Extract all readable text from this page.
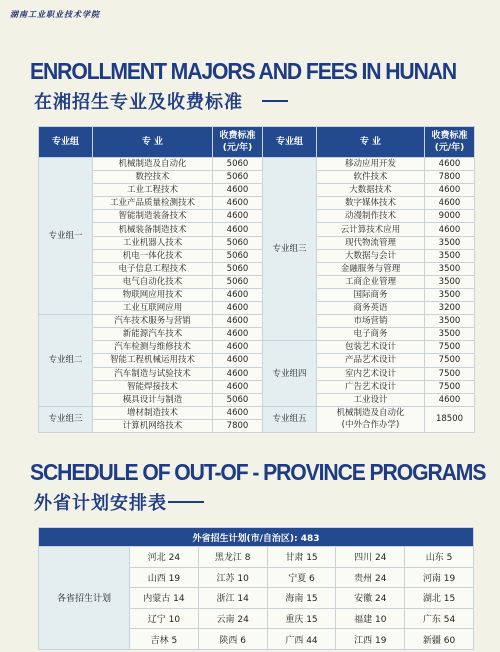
湖南工业职业技术学院
ENROLLMENT MAJORS AND FEES IN HUNAN
在湘招生专业及收费标准
专业组	专 业	收费标准
(元/年)	专业组	专 业	收费标准
(元/年)
专业组一	机械制造及自动化	5060	专业组三	移动应用开发	4600
	数控技术	5060		软件技术	7800
	工业工程技术	4600		大数据技术	4600
	工业产品质量检测技术	4600		数字媒体技术	4600
	智能制造装备技术	4600		动漫制作技术	9000
	机械装备制造技术	4600		云计算技术应用	4600
	工业机器人技术	5060		现代物流管理	3500
	机电一体化技术	5060		大数据与会计	3500
	电子信息工程技术	5060		金融服务与管理	3500
	电气自动化技术	5060		工商企业管理	3500
	物联网应用技术	4600		国际商务	3500
	工业互联网应用	4600		商务英语	3200
专业组二	汽车技术服务与营销	4600		市场营销	3500
	新能源汽车技术	4600		电子商务	3500
	汽车检测与维修技术	4600	专业组四	包装艺术设计	7500
	智能工程机械运用技术	4600		产品艺术设计	7500
	汽车制造与试验技术	4600		室内艺术设计	7500
	智能焊接技术	4600		广告艺术设计	7500
	模具设计与制造	5060		工业设计	4600
专业组三	增材制造技术	4600	专业组五	机械制造及自动化
(中外合作办学)	18500
	计算机网络技术	7800			
SCHEDULE OF OUT-OF - PROVINCE PROGRAMS
外省计划安排表
外省招生计划(市/自治区): 483					
各省招生计划	河北 24	黑龙江 8	甘肃 15	四川 24	山东 5
	山西 19	江苏 10	宁夏 6	贵州 24	河南 19
	内蒙古 14	浙江 14	海南 15	安徽 24	湖北 15
	辽宁 10	云南 24	重庆 15	福建 10	广东 54
	吉林 5	陕西 6	广西 44	江西 19	新疆 60
